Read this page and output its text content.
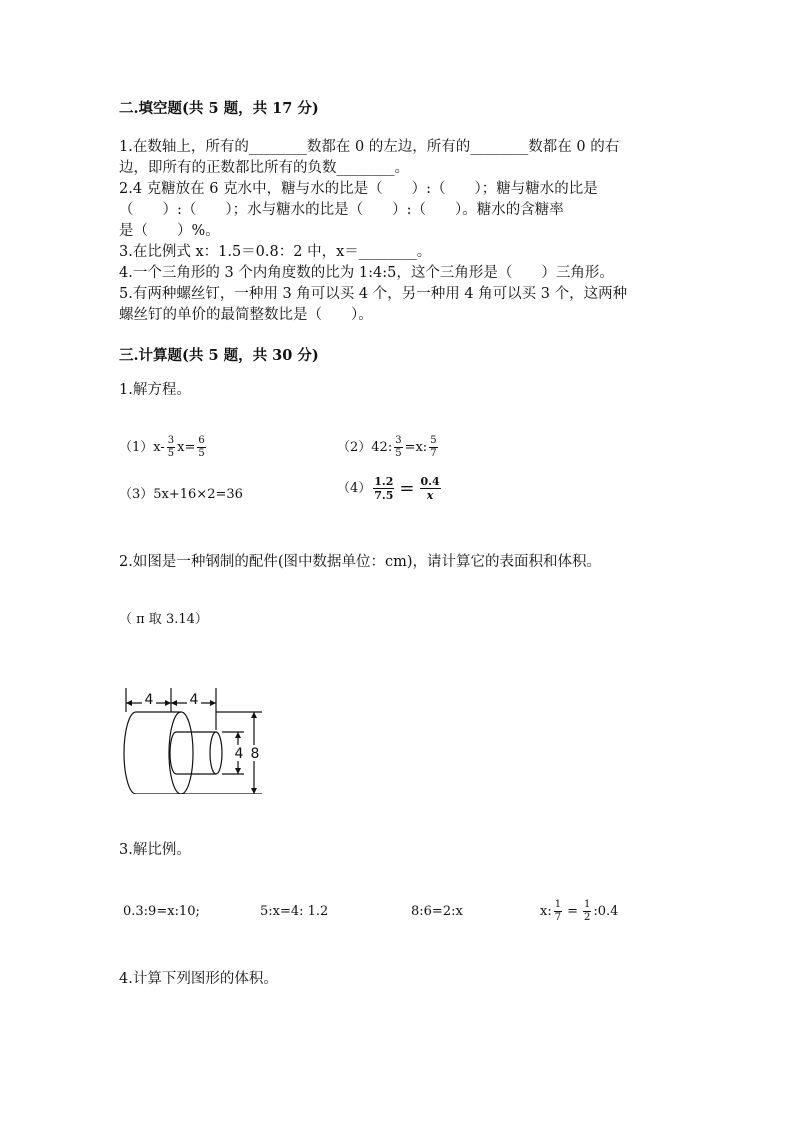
二.填空题(共 5 题，共 17 分)
1.在数轴上，所有的________数都在 0 的左边，所有的________数都在 0 的右
边，即所有的正数都比所有的负数________。
2.4 克糖放在 6 克水中，糖与水的比是（　　）:（　　）；糖与糖水的比是
（　　）:（　　）；水与糖水的比是（　　）:（　　）。糖水的含糖率
是（　　）%。
3.在比例式 x：1.5＝0.8：2 中，x＝________。
4.一个三角形的 3 个内角度数的比为 1:4:5，这个三角形是（　　）三角形。
5.有两种螺丝钉，一种用 3 角可以买 4 个，另一种用 4 角可以买 3 个，这两种
螺丝钉的单价的最简整数比是（　　）。
三.计算题(共 5 题，共 30 分)
1.解方程。
$(1)x- \frac{3}{5} x= \frac{6}{5}$	（2）42: $\frac{3}{5} =x$: $\frac{5}{7}$
（3）5x+16×2=36	$(4) \frac{1.2}{7.5} = \frac{0.4}{x}$
2.如图是一种钢制的配件(图中数据单位：cm)，请计算它的表面积和体积。
（ π 取 3.14）
4	4
4 8
3.解比例。
0.3:9=x:10;	5:x=4: 1.2	8:6=2:x	x: $\frac{1}{7} = \frac{1}{2}$ :0.4
4.计算下列图形的体积。
